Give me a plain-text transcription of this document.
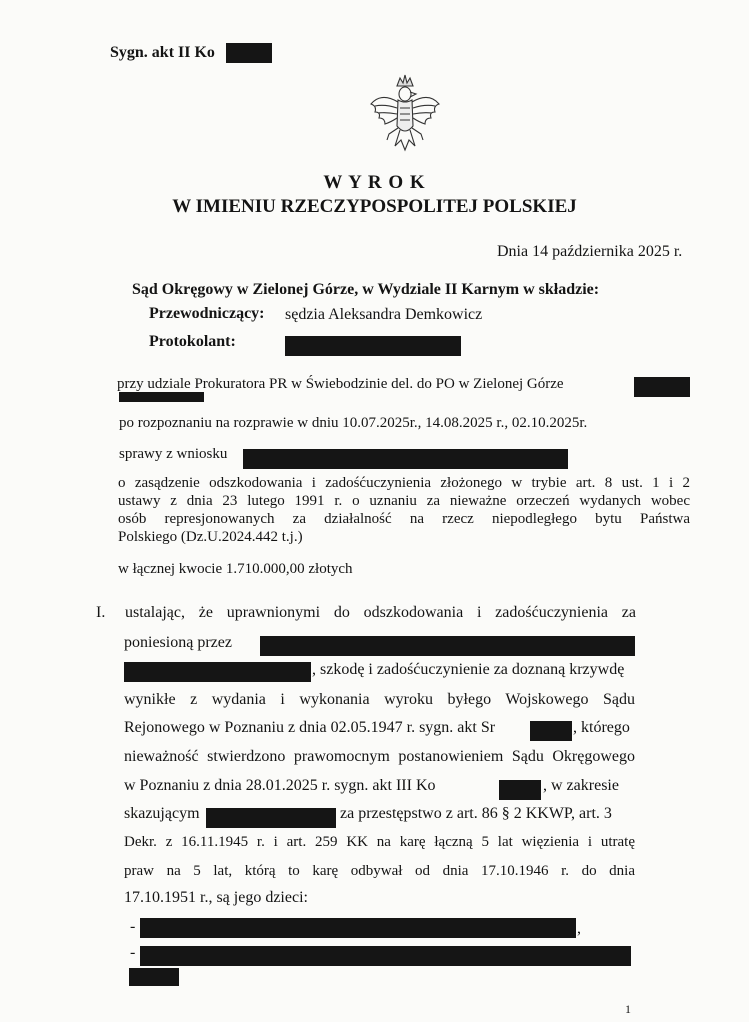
Sygn. akt II Ko
W Y R O K
W IMIENIU RZECZYPOSPOLITEJ POLSKIEJ
Dnia 14 października 2025 r.
Sąd Okręgowy w Zielonej Górze, w Wydziale II Karnym w składzie:
Przewodniczący: sędzia Aleksandra Demkowicz
Protokolant:
przy udziale Prokuratora PR w Świebodzinie del. do PO w Zielonej Górze
po rozpoznaniu na rozprawie w dniu 10.07.2025r., 14.08.2025 r., 02.10.2025r.
sprawy z wniosku
o zasądzenie odszkodowania i zadośćuczynienia złożonego w trybie art. 8 ust. 1 i 2
ustawy z dnia 23 lutego 1991 r. o uznaniu za nieważne orzeczeń wydanych wobec
osób represjonowanych za działalność na rzecz niepodległego bytu Państwa
Polskiego (Dz.U.2024.442 t.j.)
w łącznej kwocie 1.710.000,00 złotych
I. ustalając, że uprawnionymi do odszkodowania i zadośćuczynienia za
poniesioną przez
, szkodę i zadośćuczynienie za doznaną krzywdę
wynikłe z wydania i wykonania wyroku byłego Wojskowego Sądu
Rejonowego w Poznaniu z dnia 02.05.1947 r. sygn. akt Sr	, którego
nieważność stwierdzono prawomocnym postanowieniem Sądu Okręgowego
w Poznaniu z dnia 28.01.2025 r. sygn. akt III Ko	, w zakresie
skazującym	za przestępstwo z art. 86 § 2 KKWP, art. 3
Dekr. z 16.11.1945 r. i art. 259 KK na karę łączną 5 lat więzienia i utratę
praw na 5 lat, którą to karę odbywał od dnia 17.10.1946 r. do dnia
17.10.1951 r., są jego dzieci:
-	,
-
1
